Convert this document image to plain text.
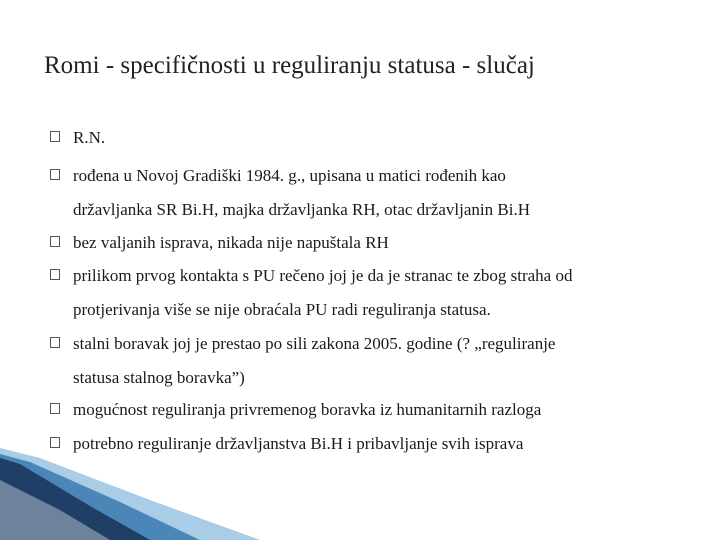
Romi - specifičnosti u reguliranju statusa - slučaj
R.N.
rođena u Novoj Gradiški 1984. g., upisana u matici rođenih kao
državljanka SR Bi.H, majka državljanka RH, otac državljanin Bi.H
bez valjanih isprava, nikada nije napuštala RH
prilikom prvog kontakta s PU rečeno joj je da je stranac te zbog straha od
protjerivanja više se nije obraćala PU radi reguliranja statusa.
stalni boravak joj je prestao po sili zakona 2005. godine (? „reguliranje
statusa stalnog boravka”)
mogućnost reguliranja privremenog boravka iz humanitarnih razloga
potrebno reguliranje državljanstva Bi.H i pribavljanje svih isprava
